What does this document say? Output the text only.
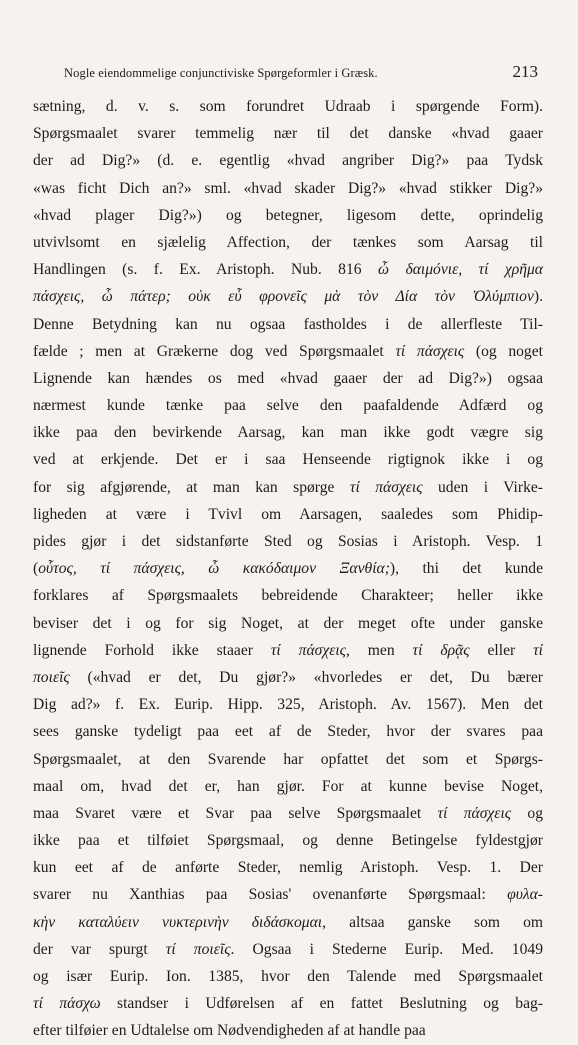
Nogle eiendommelige conjunctiviske Spørgeformler i Græsk.	213
sætning, d. v. s. som forundret Udraab i spørgende Form).
Spørgsmaalet svarer temmelig nær til det danske «hvad gaaer
der ad Dig?» (d. e. egentlig «hvad angriber Dig?» paa Tydsk
«was ficht Dich an?» sml. «hvad skader Dig?» «hvad stikker Dig?»
«hvad plager Dig?») og betegner, ligesom dette, oprindelig
utvivlsomt en sjælelig Affection, der tænkes som Aarsag til
Handlingen (s. f. Ex. Aristoph. Nub. 816 ὦ δαιμόνιε, τί χρῆμα
πάσχεις, ὦ πάτερ; οὐκ εὖ φρονεῖς μὰ τὸν Δία τὸν Ὀλύμπιον).
Denne Betydning kan nu ogsaa fastholdes i de allerfleste Til-
fælde ; men at Grækerne dog ved Spørgsmaalet τί πάσχεις (og noget
Lignende kan hændes os med «hvad gaaer der ad Dig?») ogsaa
nærmest kunde tænke paa selve den paafaldende Adfærd og
ikke paa den bevirkende Aarsag, kan man ikke godt vægre sig
ved at erkjende. Det er i saa Henseende rigtignok ikke i og
for sig afgjørende, at man kan spørge τί πάσχεις uden i Virke-
ligheden at være i Tvivl om Aarsagen, saaledes som Phidip-
pides gjør i det sidstanførte Sted og Sosias i Aristoph. Vesp. 1
(οὗτος, τί πάσχεις, ὦ κακόδαιμον Ξανθία;), thi det kunde
forklares af Spørgsmaalets bebreidende Charakteer; heller ikke
beviser det i og for sig Noget, at der meget ofte under ganske
lignende Forhold ikke staaer τί πάσχεις, men τί δρᾷς eller τί
ποιεῖς («hvad er det, Du gjør?» «hvorledes er det, Du bærer
Dig ad?» f. Ex. Eurip. Hipp. 325, Aristoph. Av. 1567). Men det
sees ganske tydeligt paa eet af de Steder, hvor der svares paa
Spørgsmaalet, at den Svarende har opfattet det som et Spørgs-
maal om, hvad det er, han gjør. For at kunne bevise Noget,
maa Svaret være et Svar paa selve Spørgsmaalet τί πάσχεις og
ikke paa et tilføiet Spørgsmaal, og denne Betingelse fyldestgjør
kun eet af de anførte Steder, nemlig Aristoph. Vesp. 1. Der
svarer nu Xanthias paa Sosias' ovenanførte Spørgsmaal: φυλα-
κὴν καταλύειν νυκτερινὴν διδάσκομαι, altsaa ganske som om
der var spurgt τί ποιεῖς. Ogsaa i Stederne Eurip. Med. 1049
og især Eurip. Ion. 1385, hvor den Talende med Spørgsmaalet
τί πάσχω standser i Udførelsen af en fattet Beslutning og bag-
efter tilføier en Udtalelse om Nødvendigheden af at handle paa
